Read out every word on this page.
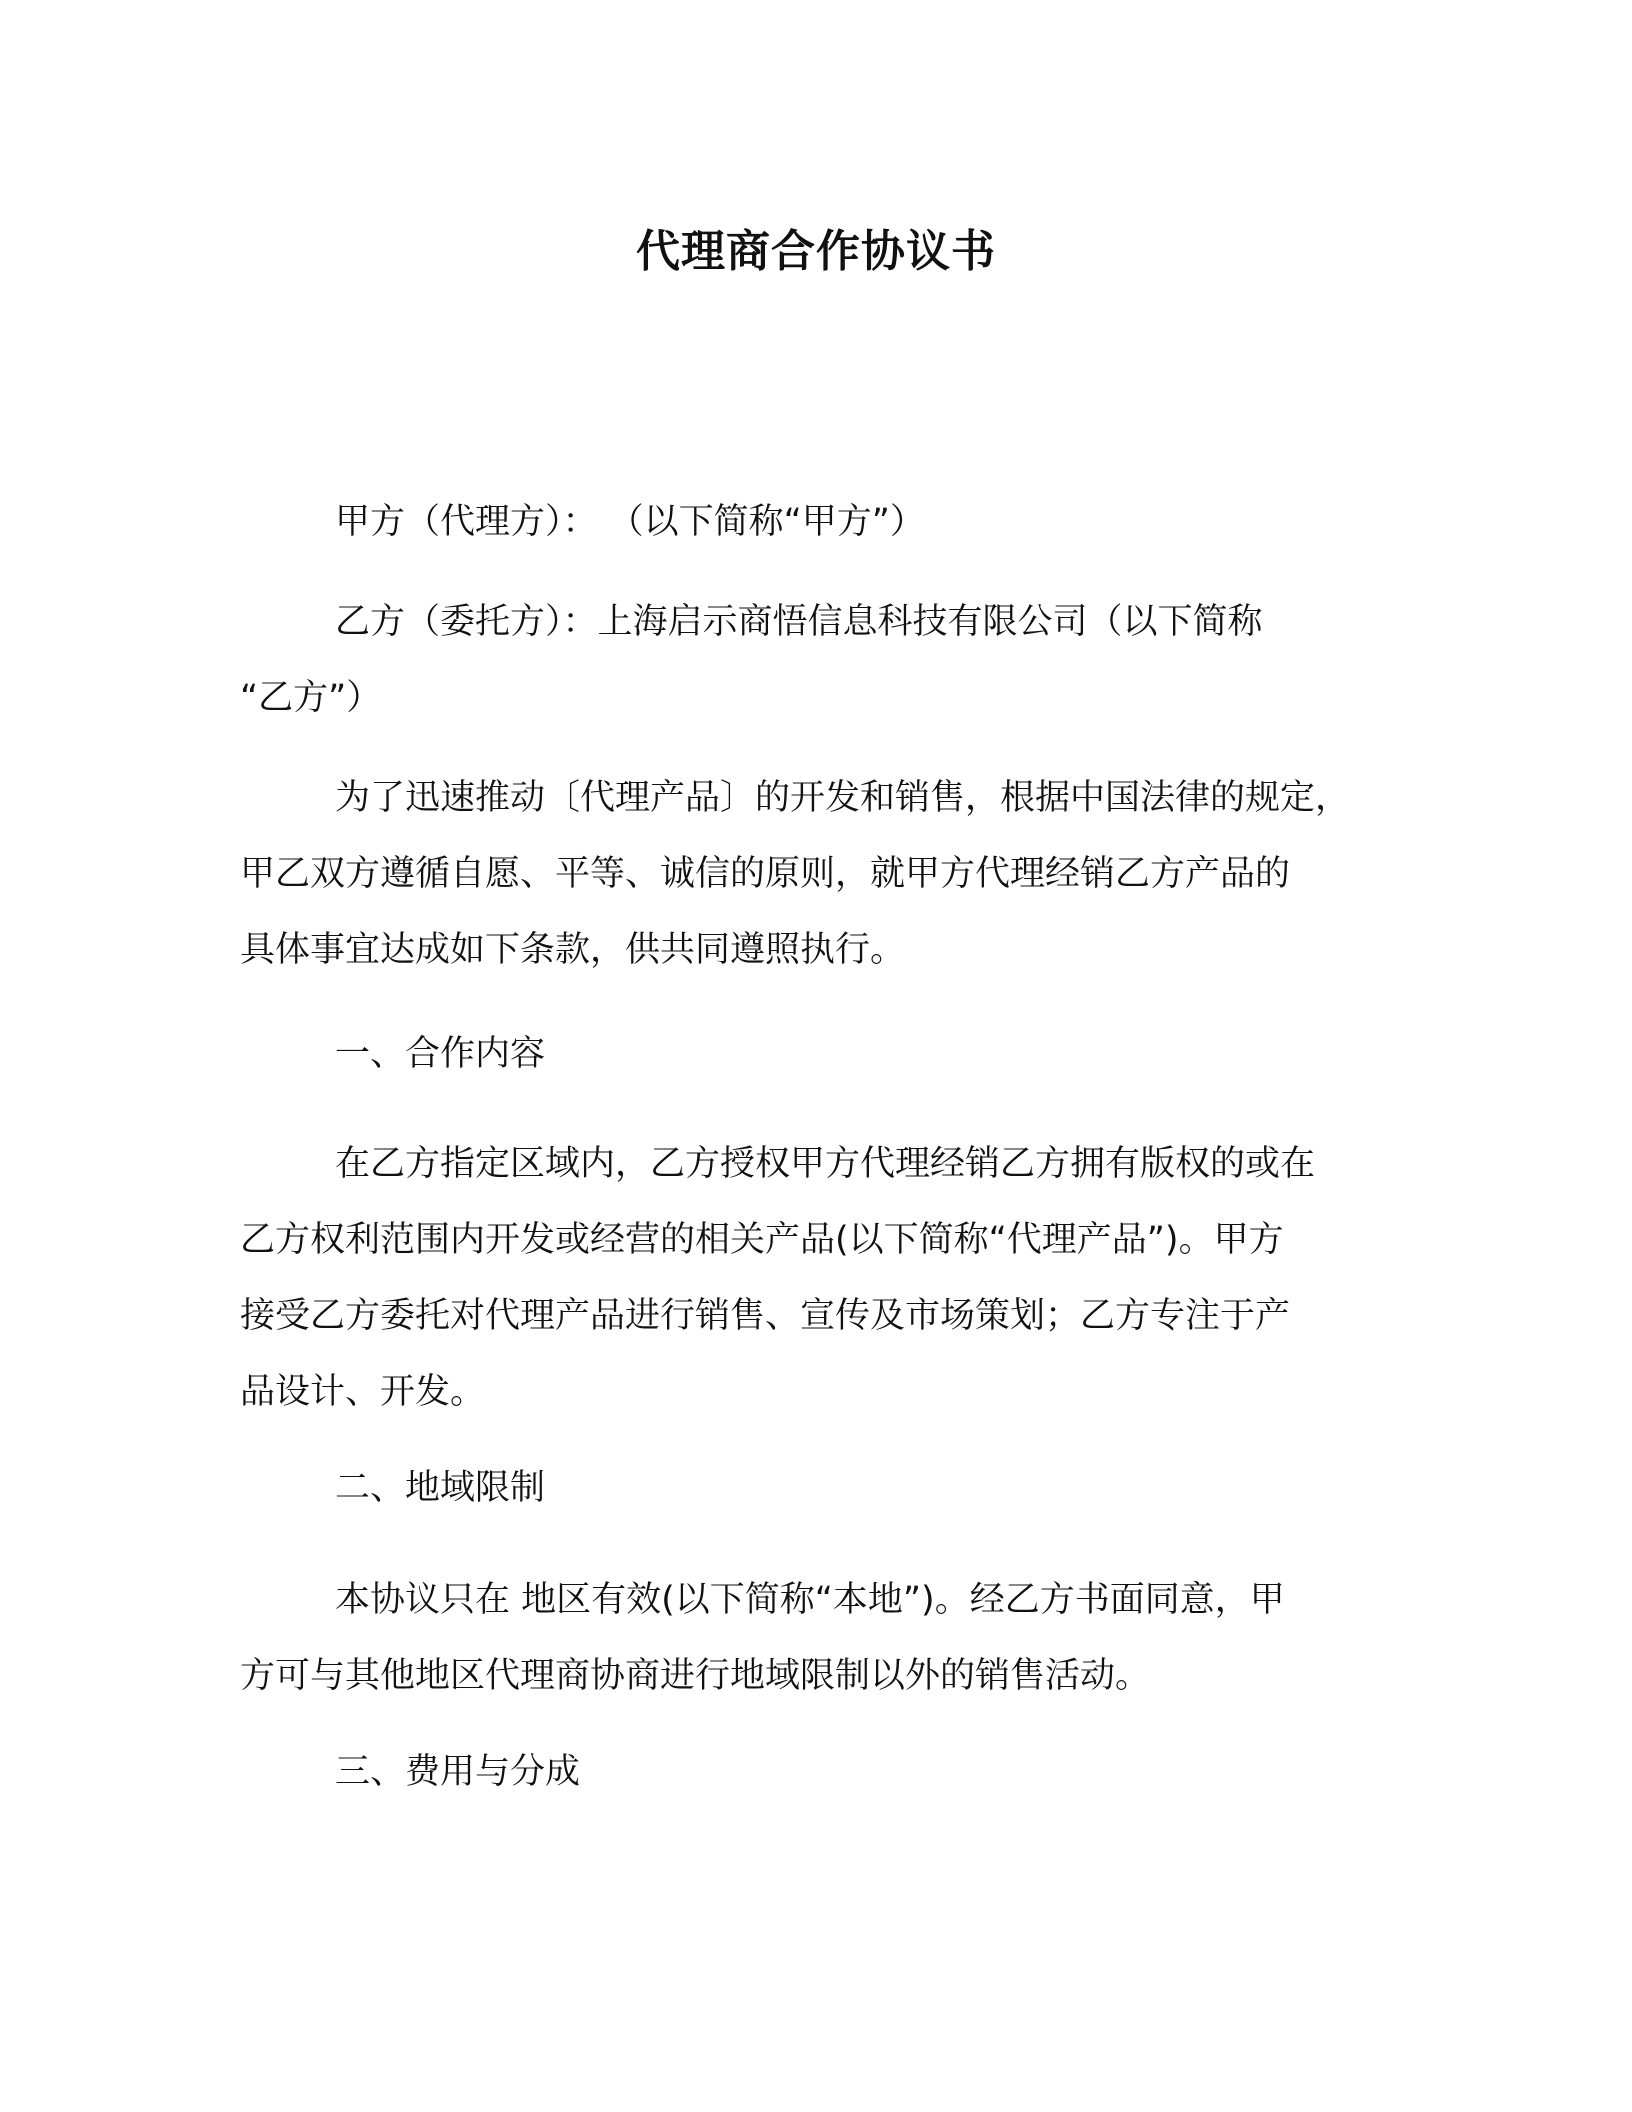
代理商合作协议书
甲方（代理方）： （以下简称“甲方”）
乙方（委托方）：上海启示商悟信息科技有限公司（以下简称
“乙方”）
为了迅速推动〔代理产品〕的开发和销售，根据中国法律的规定，
甲乙双方遵循自愿、平等、诚信的原则，就甲方代理经销乙方产品的
具体事宜达成如下条款，供共同遵照执行。
一、合作内容
在乙方指定区域内，乙方授权甲方代理经销乙方拥有版权的或在
乙方权利范围内开发或经营的相关产品(以下简称“代理产品”)。甲方
接受乙方委托对代理产品进行销售、宣传及市场策划；乙方专注于产
品设计、开发。
二、地域限制
本协议只在 地区有效(以下简称“本地”)。经乙方书面同意，甲
方可与其他地区代理商协商进行地域限制以外的销售活动。
三、费用与分成
